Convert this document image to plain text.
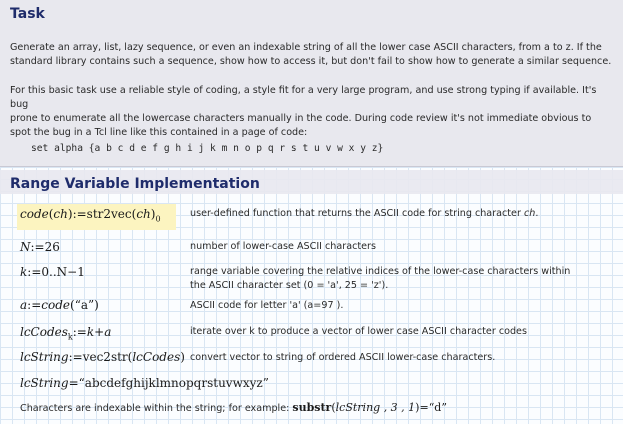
Task
Generate an array, list, lazy sequence, or even an indexable string of all the lower case ASCII characters, from a to z. If the
standard library contains such a sequence, show how to access it, but don't fail to show how to generate a similar sequence.
For this basic task use a reliable style of coding, a style fit for a very large program, and use strong typing if available. It's bug
prone to enumerate all the lowercase characters manually in the code. During code review it's not immediate obvious to
spot the bug in a Tcl line like this contained in a page of code:
set alpha {a b c d e f g h i j k m n o p q r s t u v w x y z}
Range Variable Implementation
$code(ch):=str2vec(ch)_0$	user-defined function that returns the ASCII code for string character ch.
N:=26	number of lower-case ASCII characters
k:=0..N−1	range variable covering the relative indices of the lower-case characters within
the ASCII character set (0 = 'a', 25 = 'z').
a:=code(“a”)	ASCII code for letter 'a' (a=97 ).
lcCodes$_k$:=k+a	iterate over k to produce a vector of lower case ASCII character codes
lcString:=vec2str(lcCodes) convert vector to string of ordered ASCII lower-case characters.
lcString=“abcdefghijklmnopqrstuvwxyz”
Characters are indexable within the string; for example: substr(lcString , 3 , 1)=“d”
